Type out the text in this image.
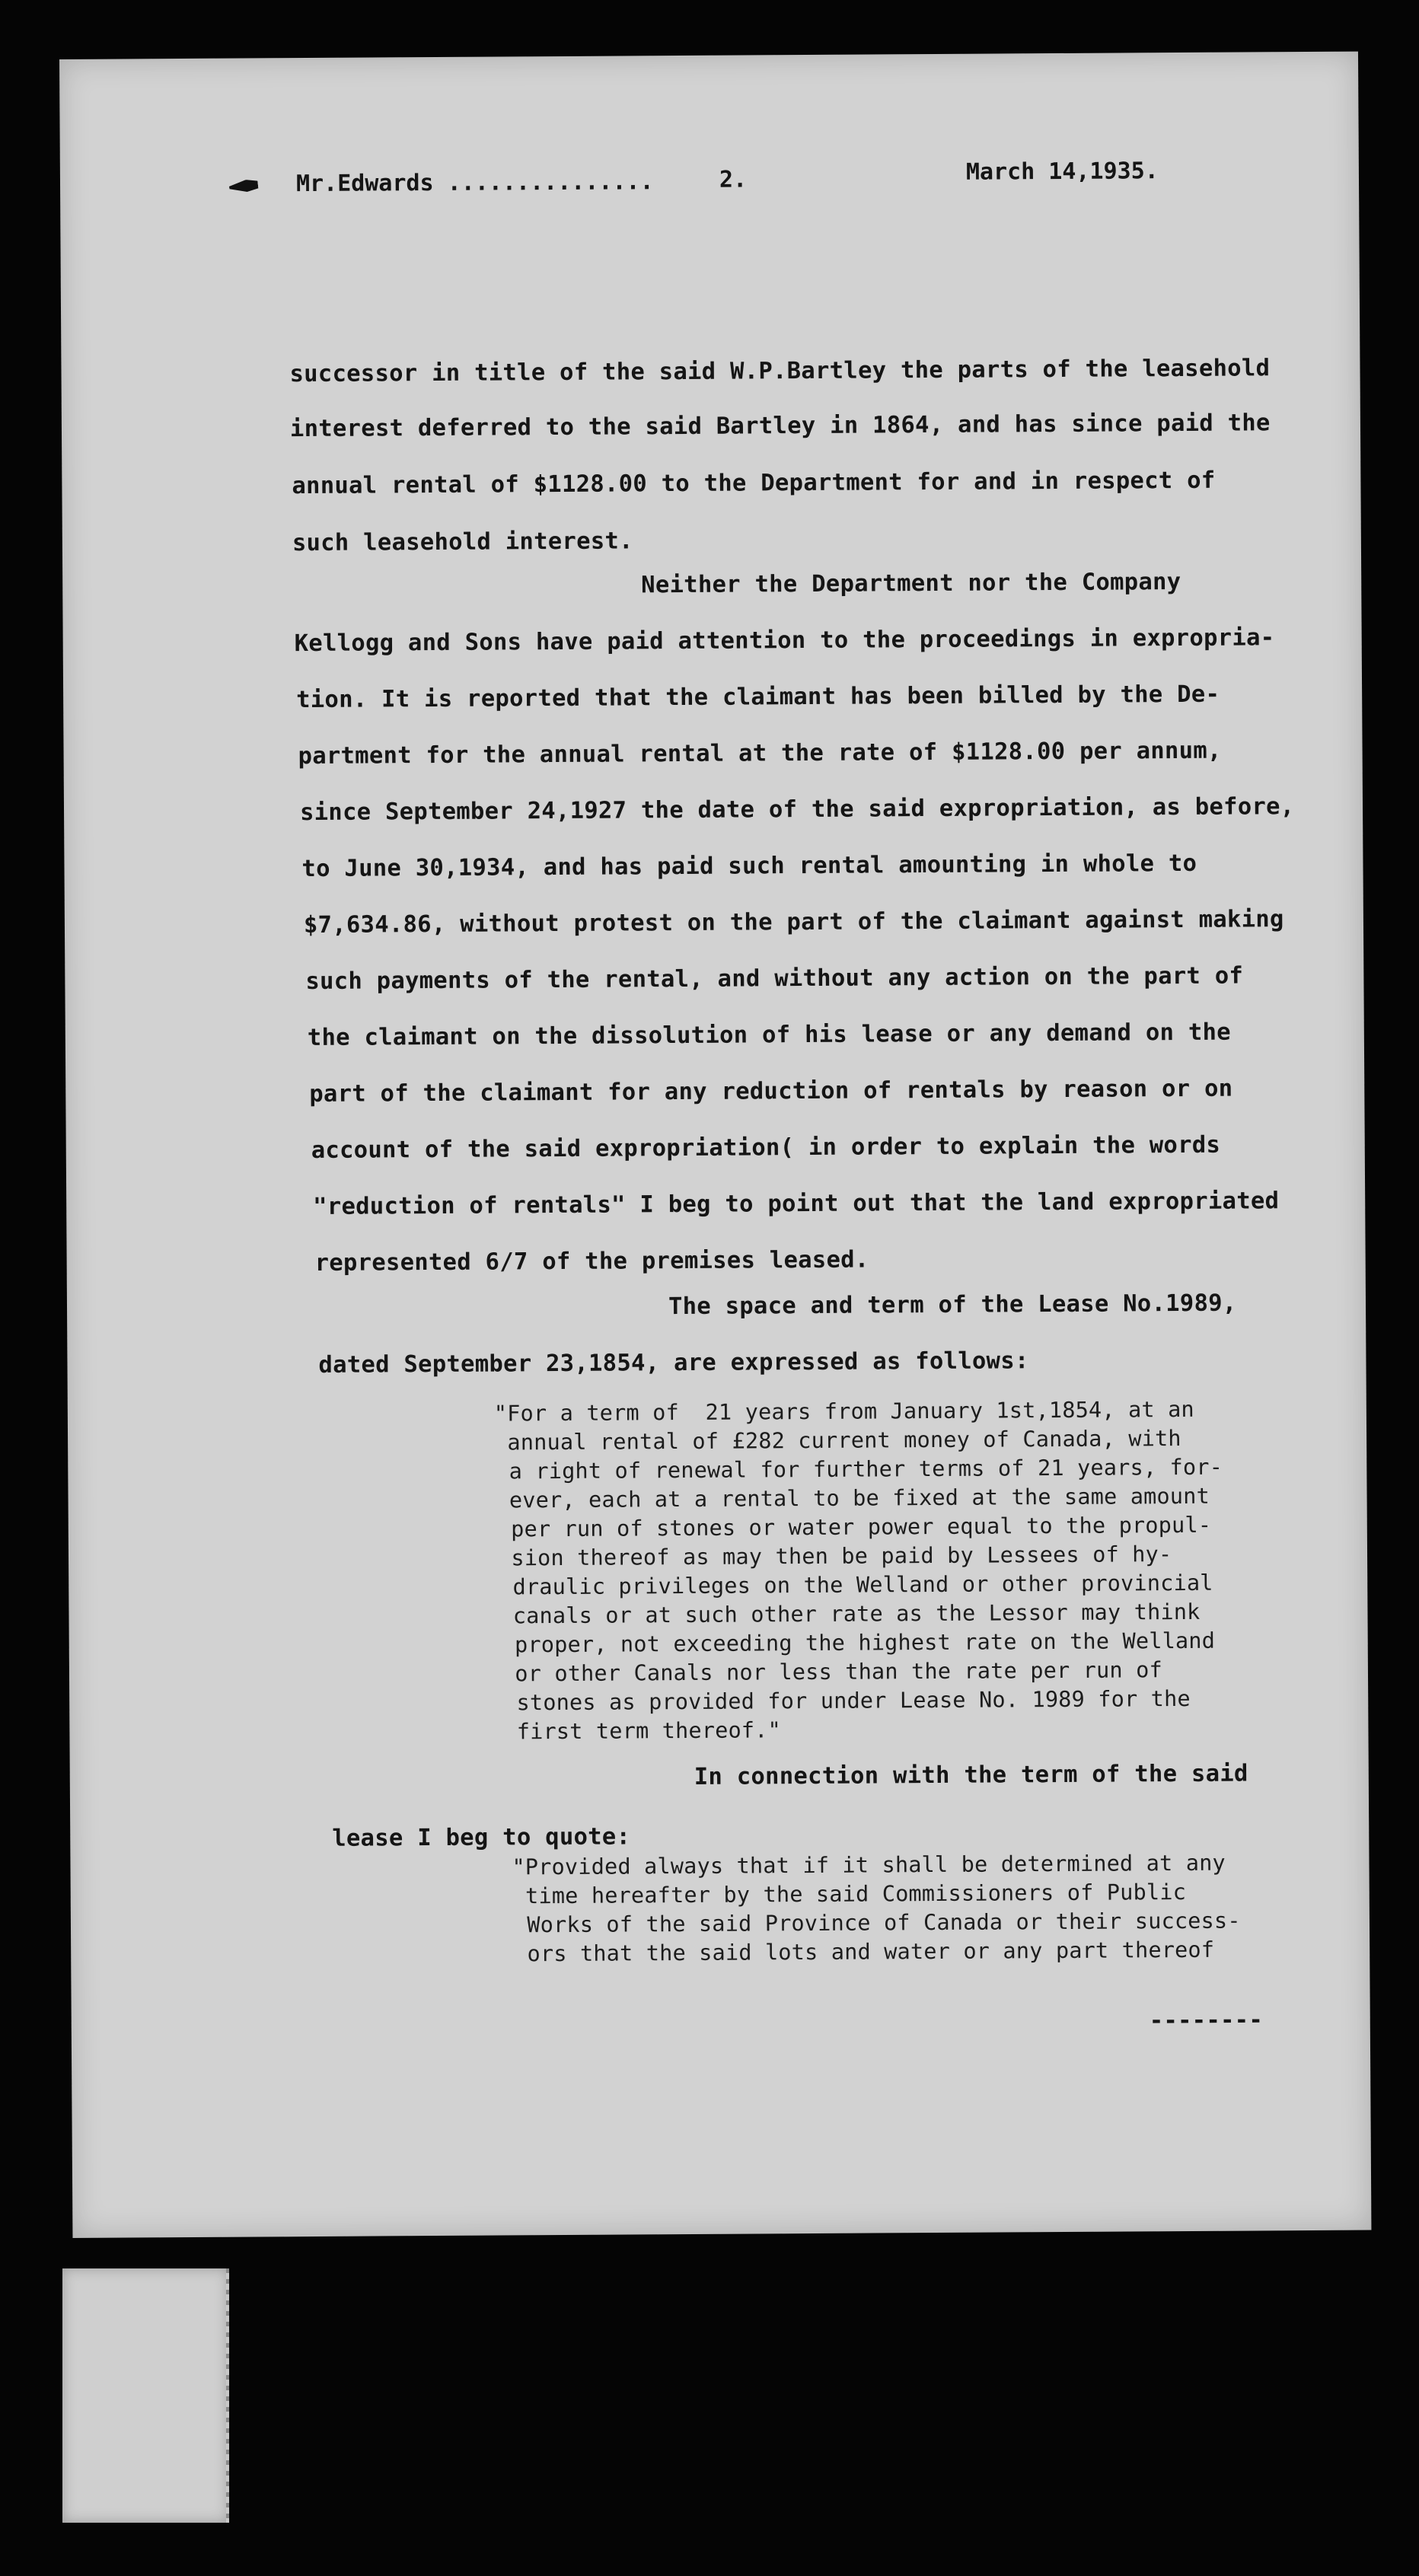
Mr.Edwards ...............	2.	March 14,1935.

successor in title of the said W.P.Bartley the parts of the leasehold

interest deferred to the said Bartley in 1864, and has since paid the

annual rental of $1128.00 to the Department for and in respect of

such leasehold interest.

Neither the Department nor the Company

Kellogg and Sons have paid attention to the proceedings in expropria-

tion. It is reported that the claimant has been billed by the De-

partment for the annual rental at the rate of $1128.00 per annum,

since September 24,1927 the date of the said expropriation, as before,

to June 30,1934, and has paid such rental amounting in whole to

$7,634.86, without protest on the part of the claimant against making

such payments of the rental, and without any action on the part of

the claimant on the dissolution of his lease or any demand on the

part of the claimant for any reduction of rentals by reason or on

account of the said expropriation( in order to explain the words

"reduction of rentals" I beg to point out that the land expropriated

represented 6/7 of the premises leased.

The space and term of the Lease No.1989,

dated September 23,1854, are expressed as follows:

"For a term of  21 years from January 1st,1854, at an

annual rental of £282 current money of Canada, with

a right of renewal for further terms of 21 years, for-

ever, each at a rental to be fixed at the same amount

per run of stones or water power equal to the propul-

sion thereof as may then be paid by Lessees of hy-

draulic privileges on the Welland or other provincial

canals or at such other rate as the Lessor may think

proper, not exceeding the highest rate on the Welland

or other Canals nor less than the rate per run of

stones as provided for under Lease No. 1989 for the

first term thereof."

In connection with the term of the said

lease I beg to quote:

"Provided always that if it shall be determined at any

time hereafter by the said Commissioners of Public

Works of the said Province of Canada or their success-

ors that the said lots and water or any part thereof

--------
